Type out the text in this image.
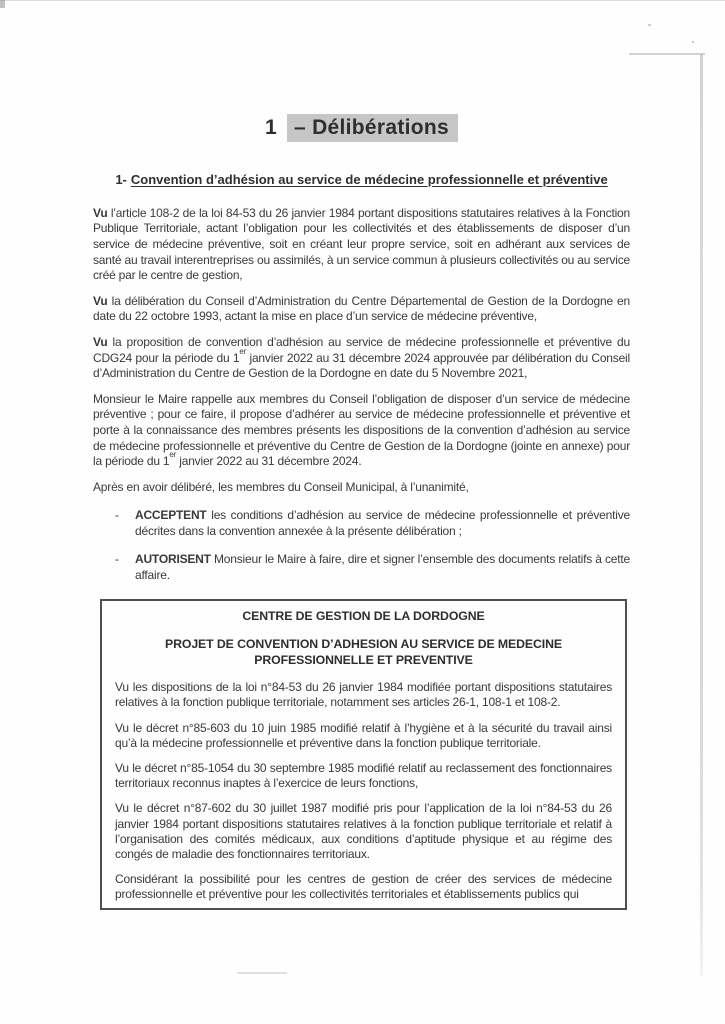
1 – Délibérations
1- Convention d’adhésion au service de médecine professionnelle et préventive

Vu l’article 108-2 de la loi 84-53 du 26 janvier 1984 portant dispositions statutaires relatives à la Fonction Publique Territoriale, actant l’obligation pour les collectivités et des établissements de disposer d’un service de médecine préventive, soit en créant leur propre service, soit en adhérant aux services de santé au travail interentreprises ou assimilés, à un service commun à plusieurs collectivités ou au service créé par le centre de gestion,

Vu la délibération du Conseil d’Administration du Centre Départemental de Gestion de la Dordogne en date du 22 octobre 1993, actant la mise en place d’un service de médecine préventive,

Vu la proposition de convention d’adhésion au service de médecine professionnelle et préventive du CDG24 pour la période du 1er janvier 2022 au 31 décembre 2024 approuvée par délibération du Conseil d’Administration du Centre de Gestion de la Dordogne en date du 5 Novembre 2021,

Monsieur le Maire rappelle aux membres du Conseil l’obligation de disposer d’un service de médecine préventive ; pour ce faire, il propose d’adhérer au service de médecine professionnelle et préventive et porte à la connaissance des membres présents les dispositions de la convention d’adhésion au service de médecine professionnelle et préventive du Centre de Gestion de la Dordogne (jointe en annexe) pour la période du 1er janvier 2022 au 31 décembre 2024.

Après en avoir délibéré, les membres du Conseil Municipal, à l’unanimité,

- ACCEPTENT les conditions d’adhésion au service de médecine professionnelle et préventive décrites dans la convention annexée à la présente délibération ;

- AUTORISENT Monsieur le Maire à faire, dire et signer l’ensemble des documents relatifs à cette affaire.

CENTRE DE GESTION DE LA DORDOGNE
PROJET DE CONVENTION D’ADHESION AU SERVICE DE MEDECINE PROFESSIONNELLE ET PREVENTIVE

Vu les dispositions de la loi n°84-53 du 26 janvier 1984 modifiée portant dispositions statutaires relatives à la fonction publique territoriale, notamment ses articles 26-1, 108-1 et 108-2.

Vu le décret n°85-603 du 10 juin 1985 modifié relatif à l’hygiène et à la sécurité du travail ainsi qu’à la médecine professionnelle et préventive dans la fonction publique territoriale.

Vu le décret n°85-1054 du 30 septembre 1985 modifié relatif au reclassement des fonctionnaires territoriaux reconnus inaptes à l’exercice de leurs fonctions,

Vu le décret n°87-602 du 30 juillet 1987 modifié pris pour l’application de la loi n°84-53 du 26 janvier 1984 portant dispositions statutaires relatives à la fonction publique territoriale et relatif à l’organisation des comités médicaux, aux conditions d’aptitude physique et au régime des congés de maladie des fonctionnaires territoriaux.

Considérant la possibilité pour les centres de gestion de créer des services de médecine professionnelle et préventive pour les collectivités territoriales et établissements publics qui
